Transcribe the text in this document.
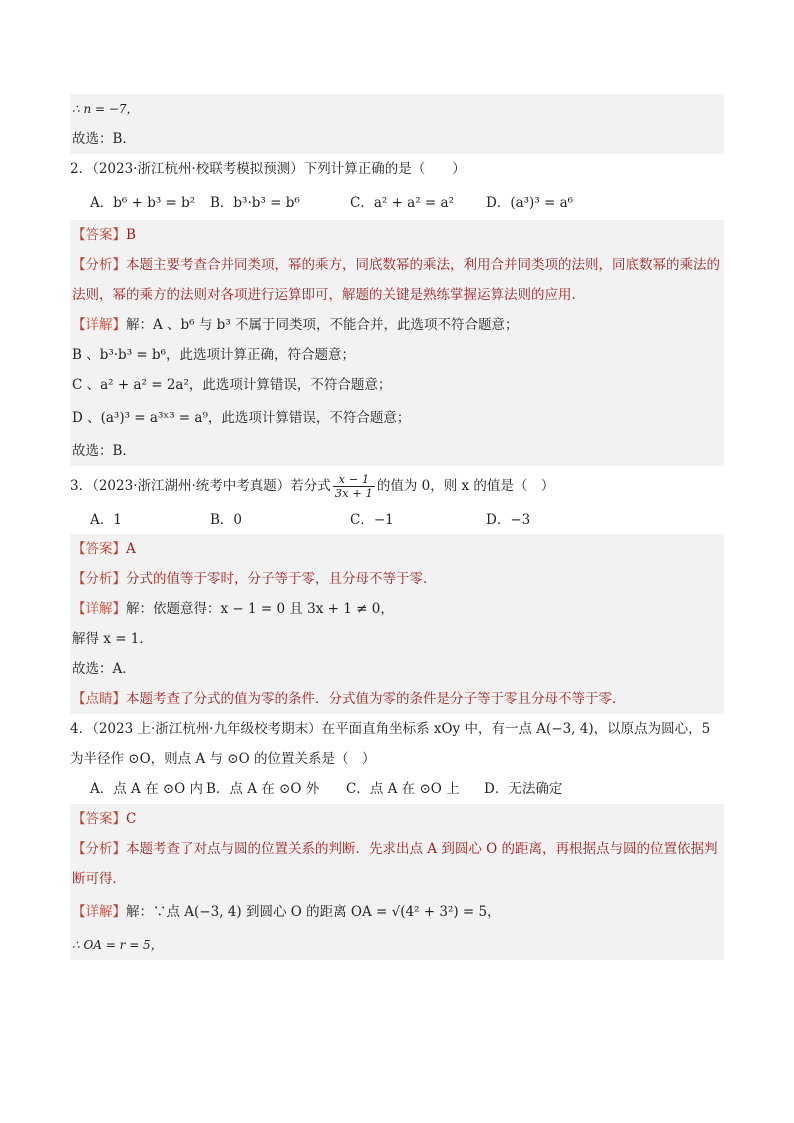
∴ n = −7，
故选：B．
2．（2023·浙江杭州·校联考模拟预测）下列计算正确的是（　　）
A．b⁶ + b³ = b²	B．b³·b³ = b⁶	C．a² + a² = a²	D．(a³)³ = a⁶
【答案】B
【分析】本题主要考查合并同类项，幂的乘方，同底数幂的乘法，利用合并同类项的法则，同底数幂的乘法的法则，幂的乘方的法则对各项进行运算即可，解题的关键是熟练掌握运算法则的应用．
【详解】解：A 、b⁶ 与 b³ 不属于同类项，不能合并，此选项不符合题意；
B 、b³·b³ = b⁶，此选项计算正确，符合题意；
C 、a² + a² = 2a²，此选项计算错误，不符合题意；
D 、(a³)³ = a³ˣ³ = a⁹，此选项计算错误，不符合题意；
故选：B．
3．（2023·浙江湖州·统考中考真题）若分式 $\frac{x - 1}{3x + 1}$ 的值为 0，则 x 的值是（　）
A．1	B．0	C．−1	D．−3
【答案】A
【分析】分式的值等于零时，分子等于零，且分母不等于零．
【详解】解：依题意得：x − 1 = 0 且 3x + 1 ≠ 0，
解得 x = 1．
故选：A．
【点睛】本题考查了分式的值为零的条件．分式值为零的条件是分子等于零且分母不等于零．
4．（2023 上·浙江杭州·九年级校考期末）在平面直角坐标系 xOy 中，有一点 A(−3, 4)，以原点为圆心，5 为半径作 ⊙O，则点 A 与 ⊙O 的位置关系是（　）
A．点 A 在 ⊙O 内 B．点 A 在 ⊙O 外	C．点 A 在 ⊙O 上	D．无法确定
【答案】C
【分析】本题考查了对点与圆的位置关系的判断．先求出点 A 到圆心 O 的距离，再根据点与圆的位置依据判断可得．
【详解】解：∵点 A(−3, 4) 到圆心 O 的距离 OA = √(4² + 3²) = 5，
∴ OA = r = 5，
